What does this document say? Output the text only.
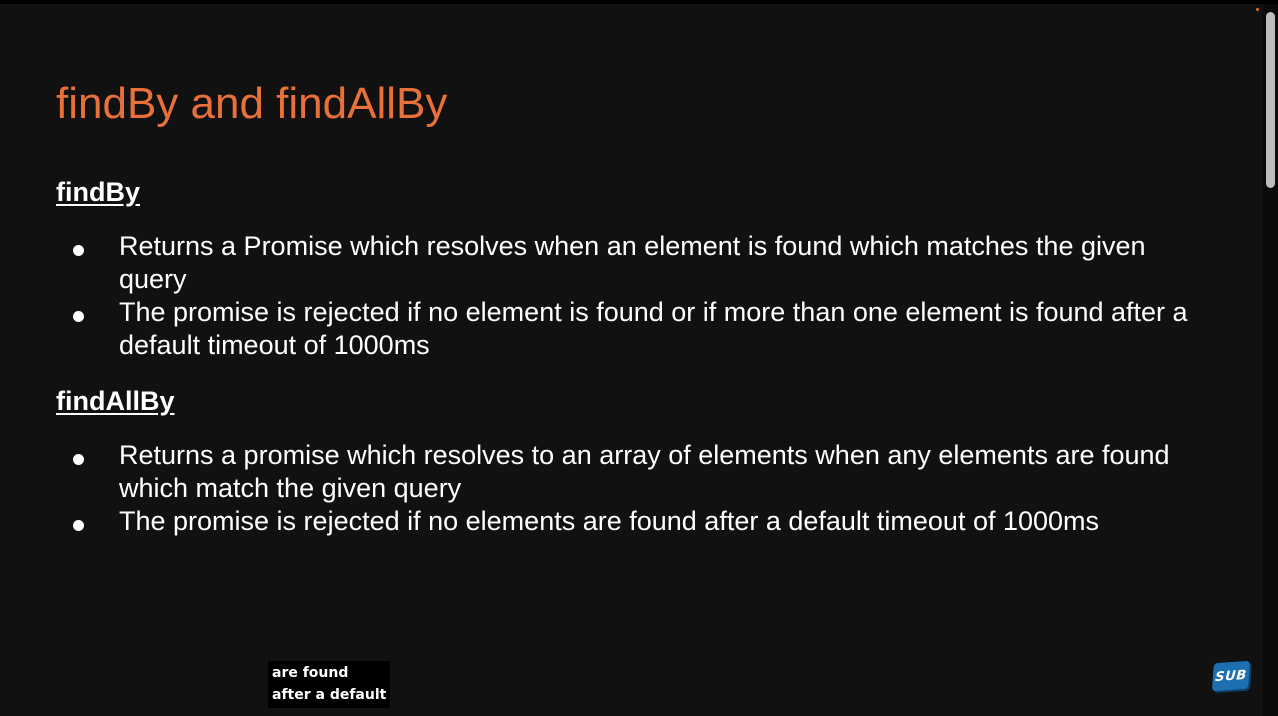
findBy and findAllBy
findBy
Returns a Promise which resolves when an element is found which matches the given query
The promise is rejected if no element is found or if more than one element is found after a default timeout of 1000ms
findAllBy
Returns a promise which resolves to an array of elements when any elements are found which match the given query
The promise is rejected if no elements are found after a default timeout of 1000ms
are found
after a default
SUB
